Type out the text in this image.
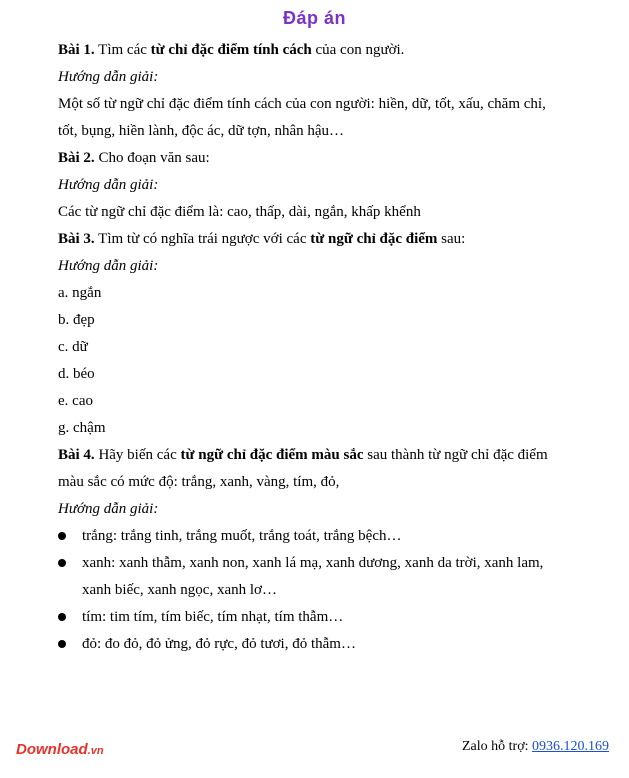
Đáp án
Bài 1. Tìm các từ chỉ đặc điểm tính cách của con người.
Hướng dẫn giải:
Một số từ ngữ chỉ đặc điểm tính cách của con người: hiền, dữ, tốt, xấu, chăm chỉ,
tốt, bụng, hiền lành, độc ác, dữ tợn, nhân hậu…
Bài 2. Cho đoạn văn sau:
Hướng dẫn giải:
Các từ ngữ chỉ đặc điểm là: cao, thấp, dài, ngắn, khấp khểnh
Bài 3. Tìm từ có nghĩa trái ngược với các từ ngữ chỉ đặc điểm sau:
Hướng dẫn giải:
a. ngắn
b. đẹp
c. dữ
d. béo
e. cao
g. chậm
Bài 4. Hãy biến các từ ngữ chỉ đặc điểm màu sắc sau thành từ ngữ chỉ đặc điểm
màu sắc có mức độ: trắng, xanh, vàng, tím, đỏ,
Hướng dẫn giải:
trắng: trắng tinh, trắng muốt, trắng toát, trắng bệch…
xanh: xanh thẫm, xanh non, xanh lá mạ, xanh dương, xanh da trời, xanh lam,
xanh biếc, xanh ngọc, xanh lơ…
tím: tim tím, tím biếc, tím nhạt, tím thẫm…
đỏ: đo đỏ, đỏ ửng, đỏ rực, đỏ tươi, đỏ thẫm…
Download.vn	Zalo hỗ trợ: 0936.120.169
